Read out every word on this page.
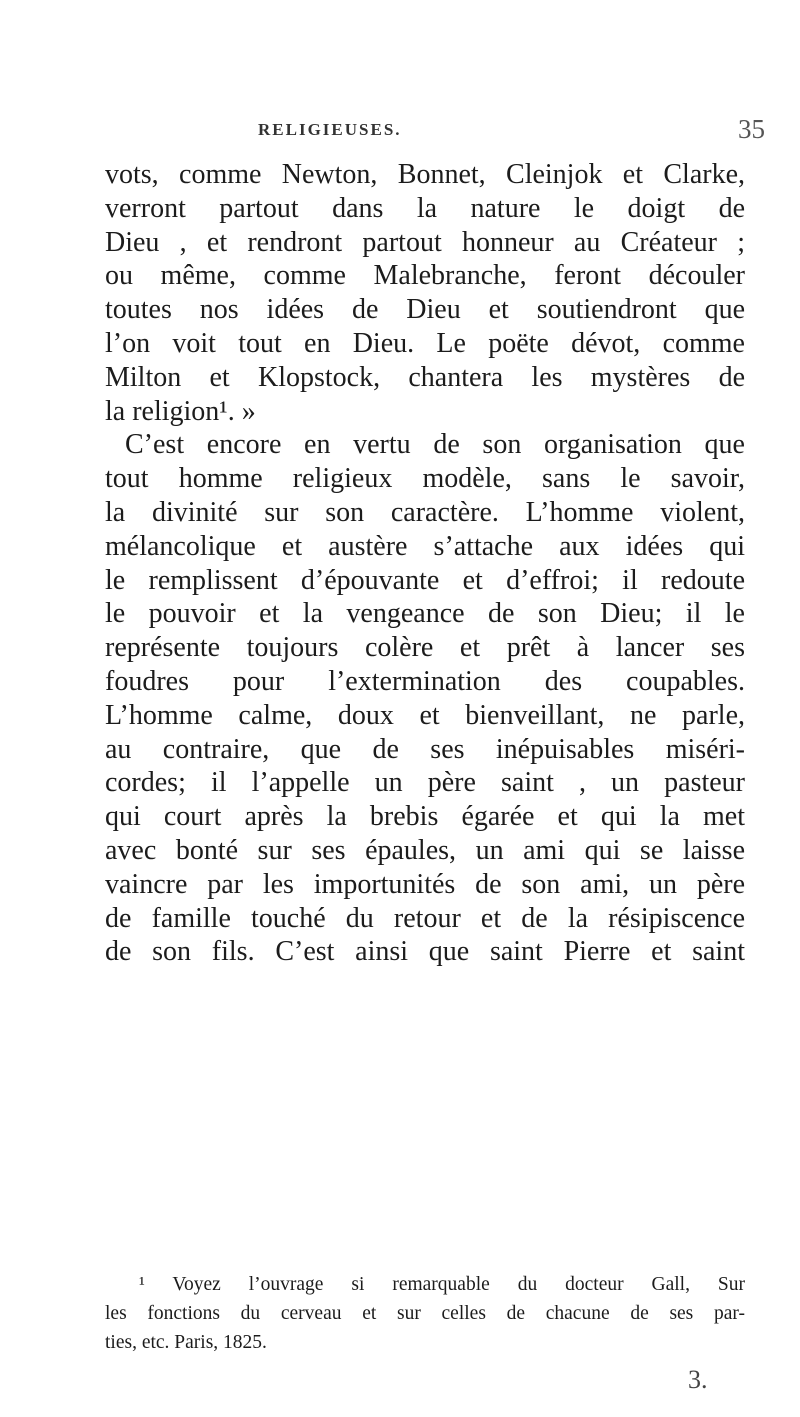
RELIGIEUSES.	35
vots, comme Newton, Bonnet, Cleinjok et Clarke,
verront partout dans la nature le doigt de
Dieu , et rendront partout honneur au Créateur ;
ou même, comme Malebranche, feront découler
toutes nos idées de Dieu et soutiendront que
l’on voit tout en Dieu. Le poëte dévot, comme
Milton et Klopstock, chantera les mystères de
la religion¹. »
C’est encore en vertu de son organisation que
tout homme religieux modèle, sans le savoir,
la divinité sur son caractère. L’homme violent,
mélancolique et austère s’attache aux idées qui
le remplissent d’épouvante et d’effroi; il redoute
le pouvoir et la vengeance de son Dieu; il le
représente toujours colère et prêt à lancer ses
foudres pour l’extermination des coupables.
L’homme calme, doux et bienveillant, ne parle,
au contraire, que de ses inépuisables miséri-
cordes; il l’appelle un père saint , un pasteur
qui court après la brebis égarée et qui la met
avec bonté sur ses épaules, un ami qui se laisse
vaincre par les importunités de son ami, un père
de famille touché du retour et de la résipiscence
de son fils. C’est ainsi que saint Pierre et saint
¹ Voyez l’ouvrage si remarquable du docteur Gall, Sur
les fonctions du cerveau et sur celles de chacune de ses par-
ties, etc. Paris, 1825.
3.
